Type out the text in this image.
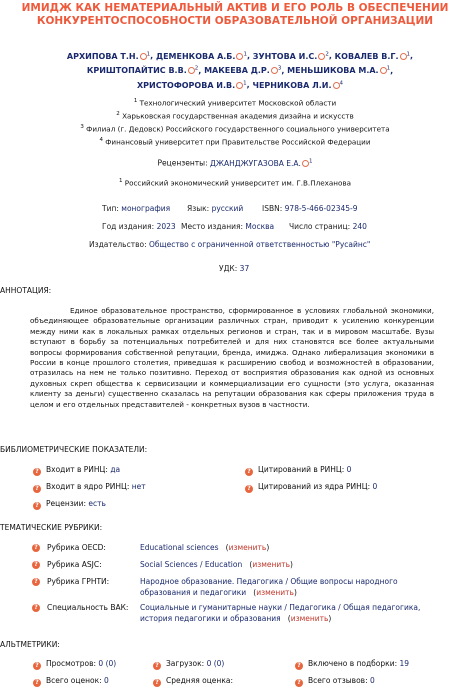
ИМИДЖ КАК НЕМАТЕРИАЛЬНЫЙ АКТИВ И ЕГО РОЛЬ В ОБЕСПЕЧЕНИИ
КОНКУРЕНТОСПОСОБНОСТИ ОБРАЗОВАТЕЛЬНОЙ ОРГАНИЗАЦИИ
АРХИПОВА Т.Н. $^1$, ДЕМЕНКОВА А.Б. $^1$, ЗУНТОВА И.С. $^2$, КОВАЛЕВ В.Г. $^1$,
КРИШТОПАЙТИС В.В. $^2$, МАКЕЕВА Д.Р. $^3$, МЕНЬШИКОВА М.А. $^1$,
ХРИСТОФОРОВА И.В. $^1$, ЧЕРНИКОВА Л.И. $^4$
$^1$ Технологический университет Московской области
$^2$ Харьковская государственная академия дизайна и искусств
$^3$ Филиал (г. Дедовск) Российского государственного социального университета
$^4$ Финансовый университет при Правительстве Российской Федерации
Рецензенты: ДЖАНДЖУГАЗОВА Е.А. $^1$
$^1$ Российский экономический университет им. Г.В.Плеханова
Тип: монография Язык: русский ISBN: 978-5-466-02345-9
Год издания: 2023 Место издания: Москва Число страниц: 240
Издательство: Общество с ограниченной ответственностью "Русайнс"
УДК: 37
АННОТАЦИЯ:
Единое образовательное пространство, сформированное в условиях глобальной экономики, объединяющее образовательные организации различных стран, приводит к усилению конкуренции между ними как в локальных рамках отдельных регионов и стран, так и в мировом масштабе. Вузы вступают в борьбу за потенциальных потребителей и для них становятся все более актуальными вопросы формирования собственной репутации, бренда, имиджа. Однако либерализация экономики в России в конце прошлого столетия, приведшая к расширению свобод и возможностей в образовании, отразилась на нем не только позитивно. Переход от восприятия образования как одной из основных духовных скреп общества к сервисизации и коммерциализации его сущности (это услуга, оказанная клиенту за деньги) существенно сказалась на репутации образования как сферы приложения труда в целом и его отдельных представителей - конкретных вузов в частности.
БИБЛИОМЕТРИЧЕСКИЕ ПОКАЗАТЕЛИ:
? Входит в РИНЦ: да	? Цитирований в РИНЦ: 0
? Входит в ядро РИНЦ: нет	? Цитирований из ядра РИНЦ: 0
? Рецензии: есть
ТЕМАТИЧЕСКИЕ РУБРИКИ:
?	Рубрика OECD:	Educational sciences   (изменить)
?	Рубрика ASJC:	Social Sciences / Education   (изменить)
?	Рубрика ГРНТИ:	Народное образование. Педагогика / Общие вопросы народного
образования и педагогики   (изменить)
?	Специальность ВАК: Социальные и гуманитарные науки / Педагогика / Общая педагогика,
история педагогики и образования   (изменить)
АЛЬТМЕТРИКИ:
? Просмотров: 0 (0)	? Загрузок: 0 (0)	? Включено в подборки: 19
? Всего оценок: 0	? Средняя оценка:	? Всего отзывов: 0
